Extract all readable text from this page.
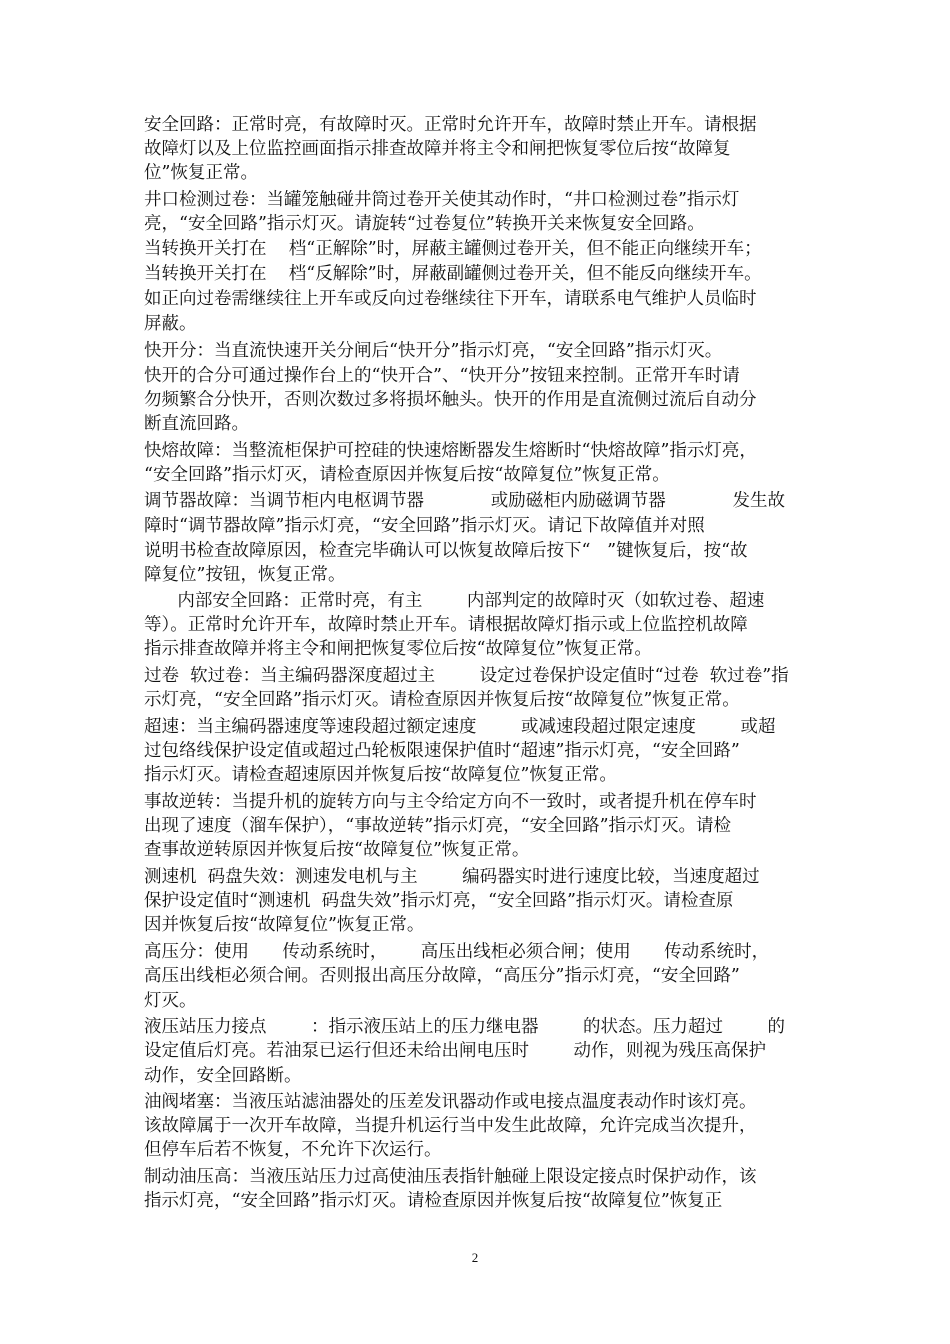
安全回路：正常时亮，有故障时灭。正常时允许开车，故障时禁止开车。请根据
故障灯以及上位监控画面指示排查故障并将主令和闸把恢复零位后按“故障复
位”恢复正常。
井口检测过卷：当罐笼触碰井筒过卷开关使其动作时，“井口检测过卷”指示灯
亮，“安全回路”指示灯灭。请旋转“过卷复位”转换开关来恢复安全回路。
当转换开关打在    档“正解除”时，屏蔽主罐侧过卷开关，但不能正向继续开车；
当转换开关打在    档“反解除”时，屏蔽副罐侧过卷开关，但不能反向继续开车。
如正向过卷需继续往上开车或反向过卷继续往下开车，请联系电气维护人员临时
屏蔽。
快开分：当直流快速开关分闸后“快开分”指示灯亮，“安全回路”指示灯灭。
快开的合分可通过操作台上的“快开合”、“快开分”按钮来控制。正常开车时请
勿频繁合分快开，否则次数过多将损坏触头。快开的作用是直流侧过流后自动分
断直流回路。
快熔故障：当整流柜保护可控硅的快速熔断器发生熔断时“快熔故障”指示灯亮，
“安全回路”指示灯灭，请检查原因并恢复后按“故障复位”恢复正常。
调节器故障：当调节柜内电枢调节器            或励磁柜内励磁调节器            发生故
障时“调节器故障”指示灯亮，“安全回路”指示灯灭。请记下故障值并对照
说明书检查故障原因，检查完毕确认可以恢复故障后按下“   ”键恢复后，按“故
障复位”按钮，恢复正常。
内部安全回路：正常时亮，有主        内部判定的故障时灭（如软过卷、超速
等）。正常时允许开车，故障时禁止开车。请根据故障灯指示或上位监控机故障
指示排查故障并将主令和闸把恢复零位后按“故障复位”恢复正常。
过卷  软过卷：当主编码器深度超过主        设定过卷保护设定值时“过卷  软过卷”指
示灯亮，“安全回路”指示灯灭。请检查原因并恢复后按“故障复位”恢复正常。
超速：当主编码器速度等速段超过额定速度        或减速段超过限定速度        或超
过包络线保护设定值或超过凸轮板限速保护值时“超速”指示灯亮，“安全回路”
指示灯灭。请检查超速原因并恢复后按“故障复位”恢复正常。
事故逆转：当提升机的旋转方向与主令给定方向不一致时，或者提升机在停车时
出现了速度（溜车保护），“事故逆转”指示灯亮，“安全回路”指示灯灭。请检
查事故逆转原因并恢复后按“故障复位”恢复正常。
测速机  码盘失效：测速发电机与主        编码器实时进行速度比较，当速度超过
保护设定值时“测速机  码盘失效”指示灯亮，“安全回路”指示灯灭。请检查原
因并恢复后按“故障复位”恢复正常。
高压分：使用      传动系统时，      高压出线柜必须合闸；使用      传动系统时，
高压出线柜必须合闸。否则报出高压分故障，“高压分”指示灯亮，“安全回路”
灯灭。
液压站压力接点        ：指示液压站上的压力继电器        的状态。压力超过        的
设定值后灯亮。若油泵已运行但还未给出闸电压时        动作，则视为残压高保护
动作，安全回路断。
油阀堵塞：当液压站滤油器处的压差发讯器动作或电接点温度表动作时该灯亮。
该故障属于一次开车故障，当提升机运行当中发生此故障，允许完成当次提升，
但停车后若不恢复，不允许下次运行。
制动油压高：当液压站压力过高使油压表指针触碰上限设定接点时保护动作，该
指示灯亮，“安全回路”指示灯灭。请检查原因并恢复后按“故障复位”恢复正
2
